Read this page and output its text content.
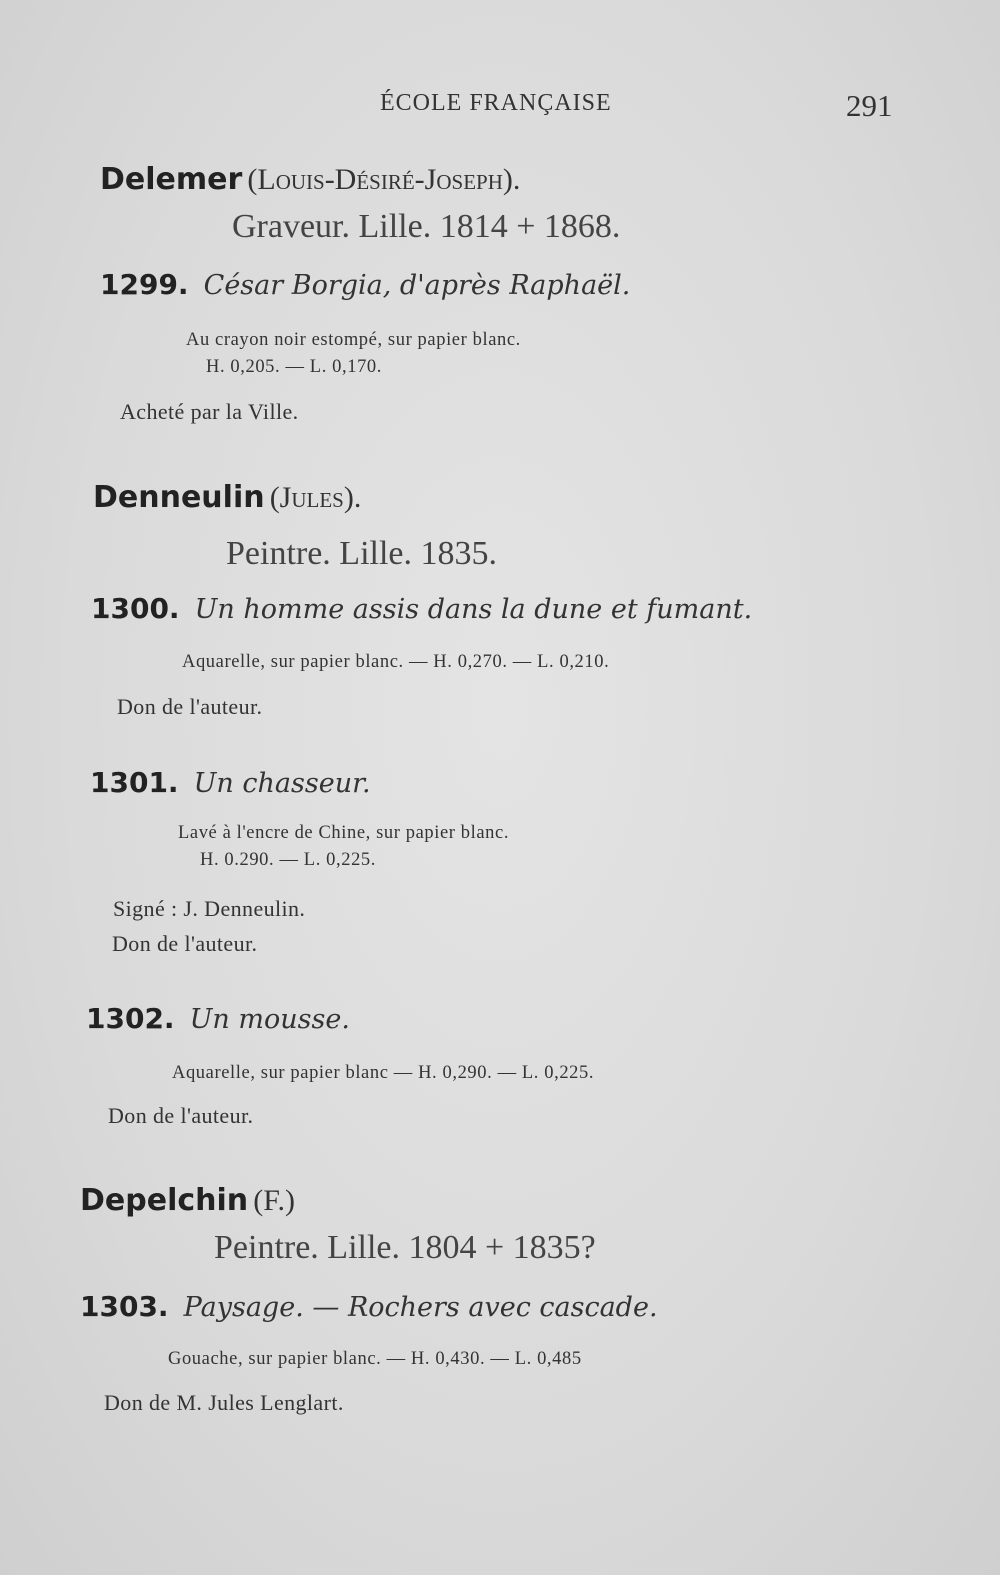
ÉCOLE FRANÇAISE	291
Delemer (Louis-Désiré-Joseph).
Graveur. Lille. 1814 + 1868.
1299. César Borgia, d'après Raphaël.
Au crayon noir estompé, sur papier blanc.
H. 0,205. — L. 0,170.
Acheté par la Ville.
Denneulin (Jules).
Peintre. Lille. 1835.
1300. Un homme assis dans la dune et fumant.
Aquarelle, sur papier blanc. — H. 0,270. — L. 0,210.
Don de l'auteur.
1301. Un chasseur.
Lavé à l'encre de Chine, sur papier blanc.
H. 0.290. — L. 0,225.
Signé : J. Denneulin.
Don de l'auteur.
1302. Un mousse.
Aquarelle, sur papier blanc — H. 0,290. — L. 0,225.
Don de l'auteur.
Depelchin (F.)
Peintre. Lille. 1804 + 1835?
1303. Paysage. — Rochers avec cascade.
Gouache, sur papier blanc. — H. 0,430. — L. 0,485
Don de M. Jules Lenglart.
